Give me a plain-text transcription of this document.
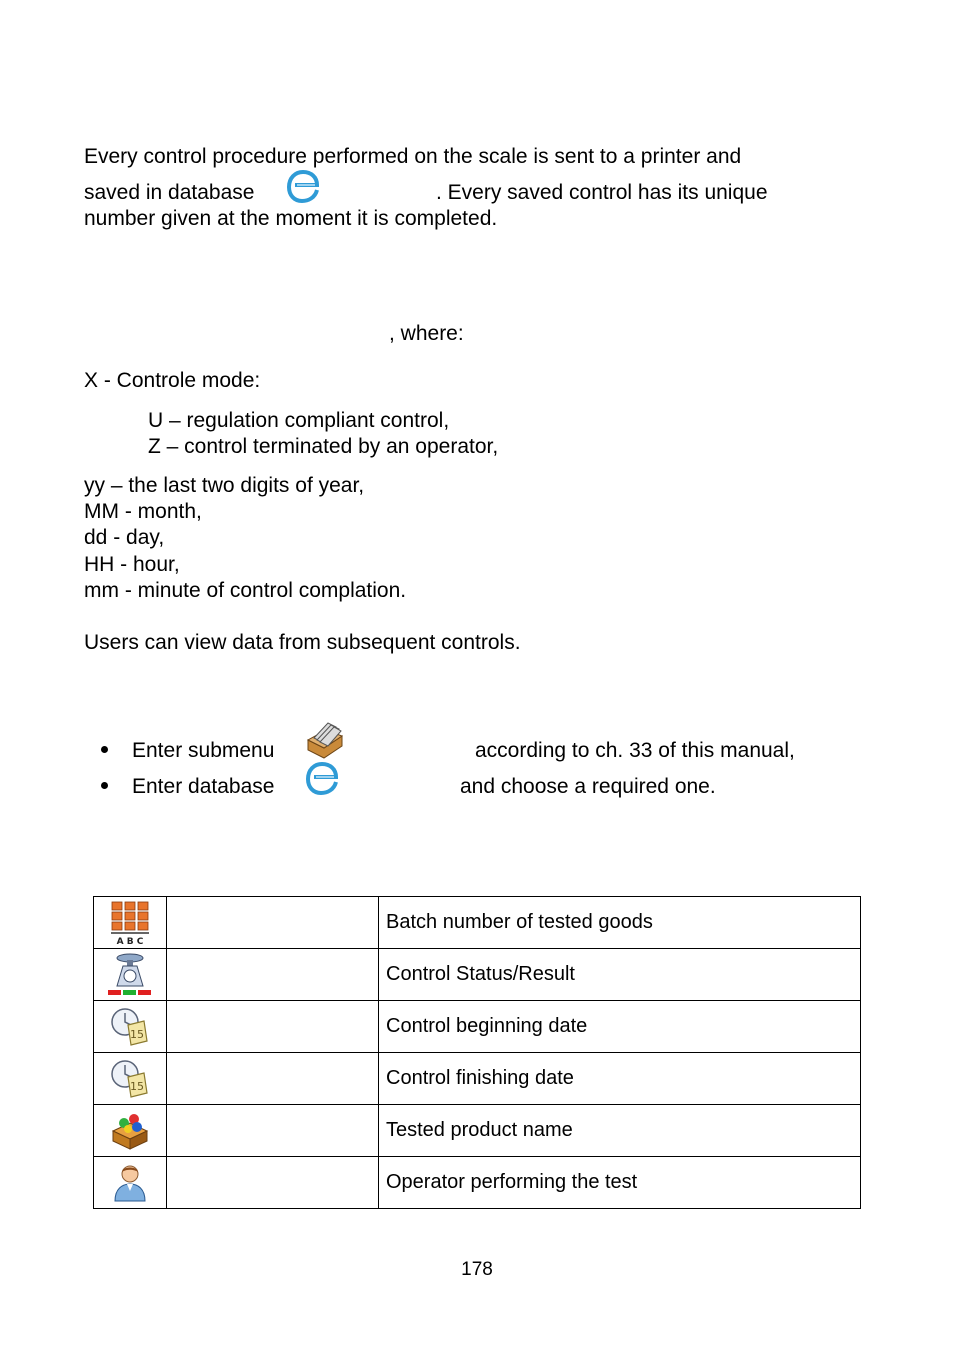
Every control procedure performed on the scale is sent to a printer and
saved in database	. Every saved control has its unique
number given at the moment it is completed.
, where:
X - Controle mode:
U – regulation compliant control,
Z – control terminated by an operator,
yy – the last two digits of year,
MM - month,
dd - day,
HH - hour,
mm - minute of control complation.
Users can view data from subsequent controls.
Enter submenu	according to ch. 33 of this manual,
Enter database	and choose a required one.
A B C		Batch number of tested goods
		Control Status/Result

15		Control beginning date

15		Control finishing date
		Tested product name
		Operator performing the test
178
